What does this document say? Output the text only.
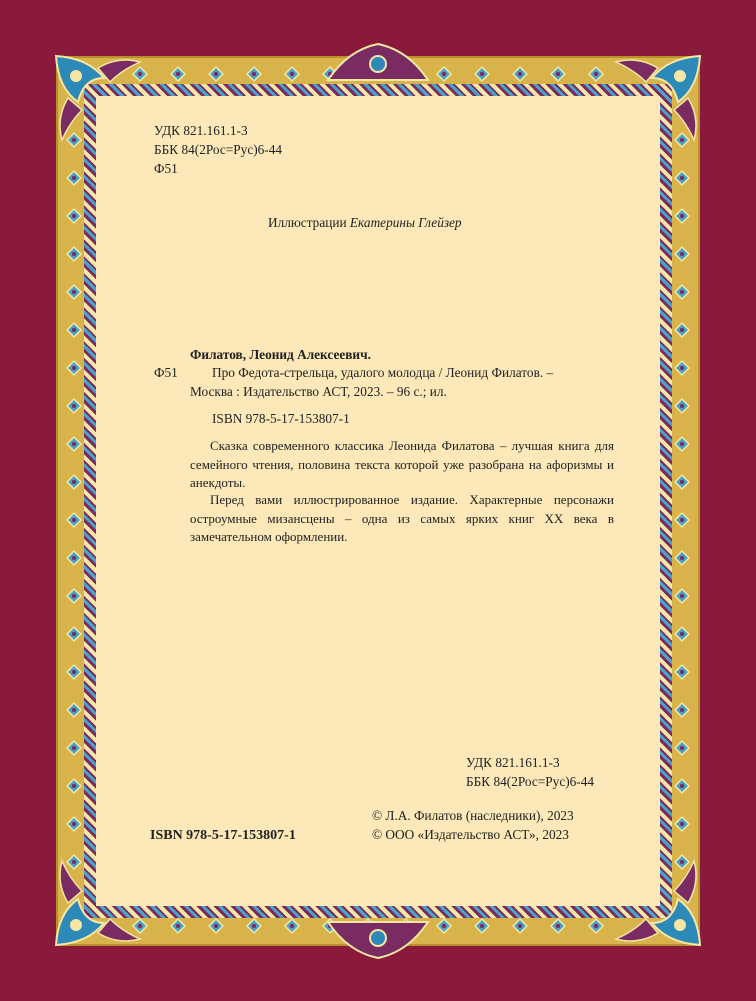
УДК 821.161.1-3
ББК 84(2Рос=Рус)6-44
Ф51
Иллюстрации Екатерины Глейзер
Филатов, Леонид Алексеевич.
Ф51	Про Федота-стрельца, удалого молодца / Леонид Филатов. –
Москва : Издательство АСТ, 2023. – 96 с.; ил.
ISBN 978-5-17-153807-1
Сказка современного классика Леонида Филатова – лучшая книга для семейного чтения, половина текста которой уже разобрана на афоризмы и анекдоты.
Перед вами иллюстрированное издание. Характерные персонажи остроумные мизансцены – одна из самых ярких книг XX века в замечательном оформлении.
УДК 821.161.1-3
ББК 84(2Рос=Рус)6-44
ISBN 978-5-17-153807-1
© Л.А. Филатов (наследники), 2023
© ООО «Издательство АСТ», 2023
